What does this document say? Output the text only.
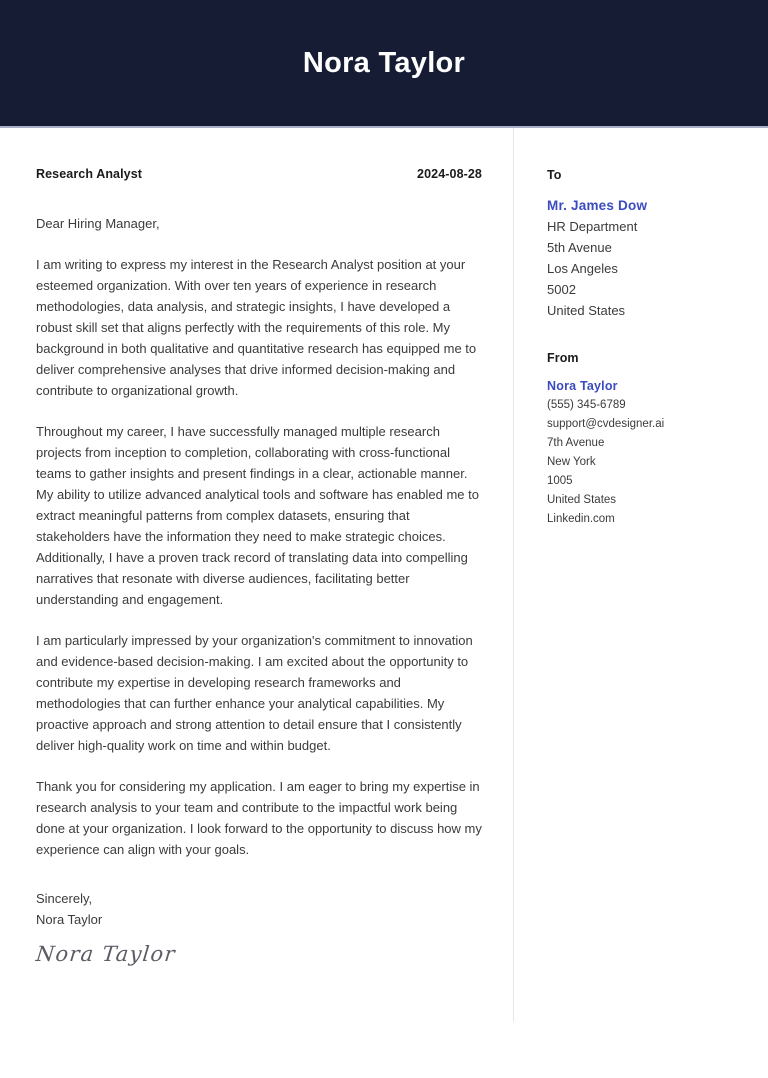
Nora Taylor
Research Analyst	2024-08-28
Dear Hiring Manager,

I am writing to express my interest in the Research Analyst position at your esteemed organization. With over ten years of experience in research methodologies, data analysis, and strategic insights, I have developed a robust skill set that aligns perfectly with the requirements of this role. My background in both qualitative and quantitative research has equipped me to deliver comprehensive analyses that drive informed decision-making and contribute to organizational growth.

Throughout my career, I have successfully managed multiple research projects from inception to completion, collaborating with cross-functional teams to gather insights and present findings in a clear, actionable manner. My ability to utilize advanced analytical tools and software has enabled me to extract meaningful patterns from complex datasets, ensuring that stakeholders have the information they need to make strategic choices. Additionally, I have a proven track record of translating data into compelling narratives that resonate with diverse audiences, facilitating better understanding and engagement.

I am particularly impressed by your organization's commitment to innovation and evidence-based decision-making. I am excited about the opportunity to contribute my expertise in developing research frameworks and methodologies that can further enhance your analytical capabilities. My proactive approach and strong attention to detail ensure that I consistently deliver high-quality work on time and within budget.

Thank you for considering my application. I am eager to bring my expertise in research analysis to your team and contribute to the impactful work being done at your organization. I look forward to the opportunity to discuss how my experience can align with your goals.

Sincerely,
Nora Taylor
Nora Taylor
To
Mr. James Dow
HR Department
5th Avenue
Los Angeles
5002
United States
From
Nora Taylor
(555) 345-6789
support@cvdesigner.ai
7th Avenue
New York
1005
United States
Linkedin.com
